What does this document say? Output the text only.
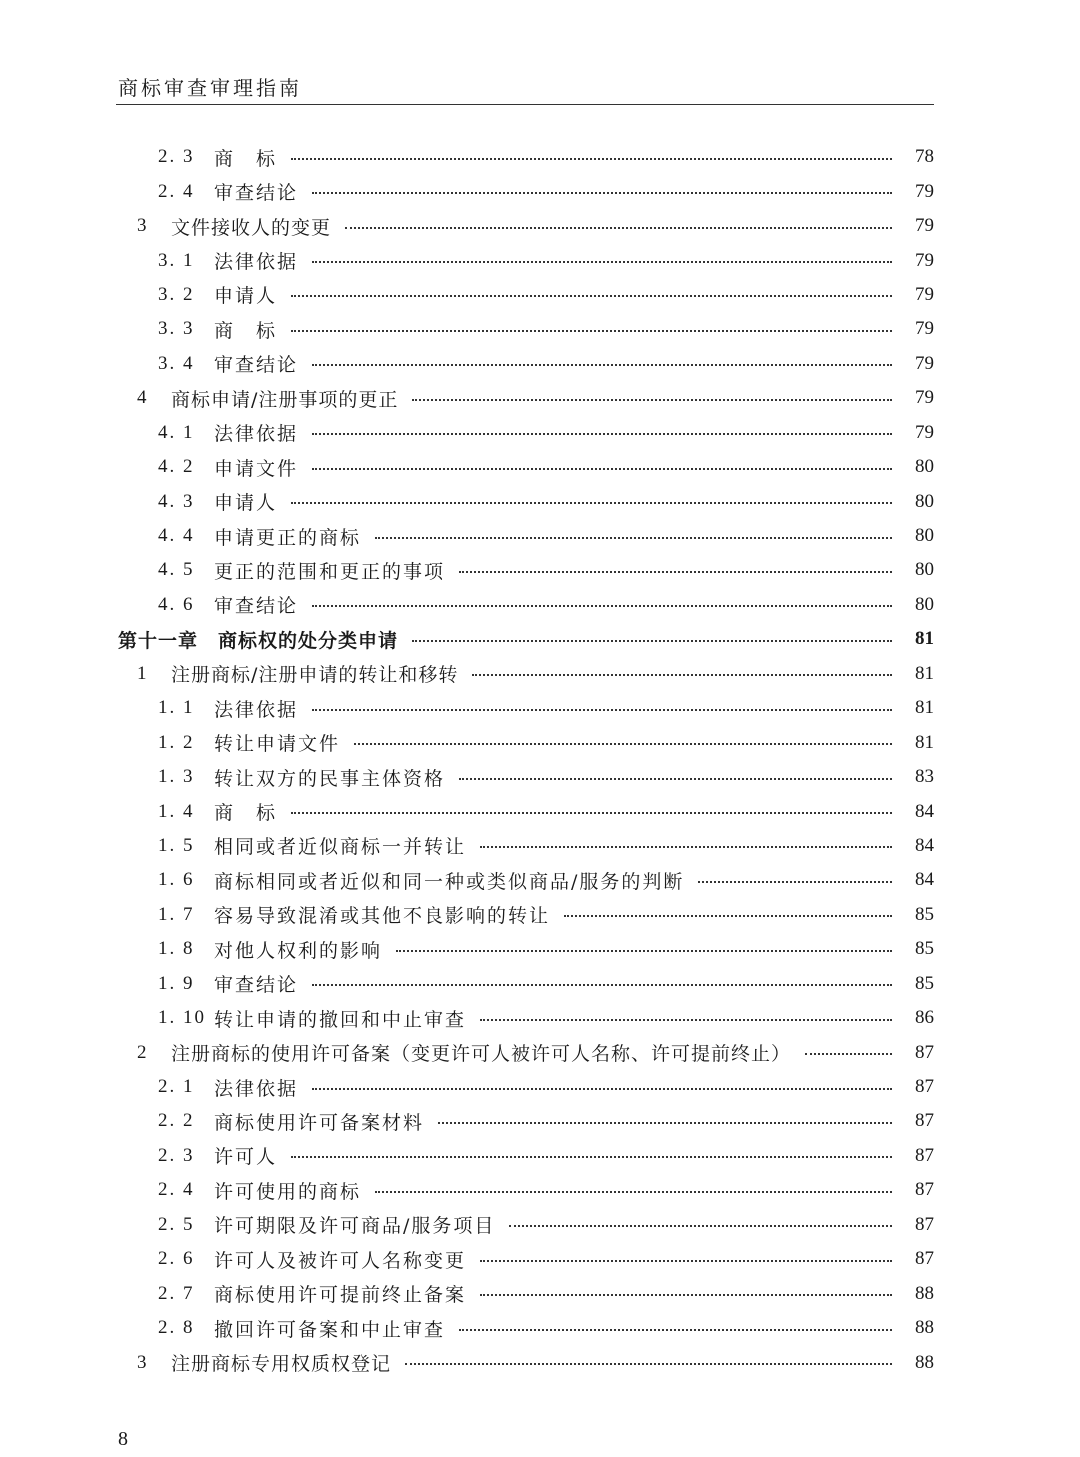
商标审查审理指南
2. 3	商　标	78
2. 4	审查结论	79
3	文件接收人的变更	79
3. 1	法律依据	79
3. 2	申请人	79
3. 3	商　标	79
3. 4	审查结论	79
4	商标申请/注册事项的更正	79
4. 1	法律依据	79
4. 2	申请文件	80
4. 3	申请人	80
4. 4	申请更正的商标	80
4. 5	更正的范围和更正的事项	80
4. 6	审查结论	80
第十一章　商标权的处分类申请	81
1	注册商标/注册申请的转让和移转	81
1. 1	法律依据	81
1. 2	转让申请文件	81
1. 3	转让双方的民事主体资格	83
1. 4	商　标	84
1. 5	相同或者近似商标一并转让	84
1. 6	商标相同或者近似和同一种或类似商品/服务的判断	84
1. 7	容易导致混淆或其他不良影响的转让	85
1. 8	对他人权利的影响	85
1. 9	审查结论	85
1. 10 转让申请的撤回和中止审查	86
2	注册商标的使用许可备案（变更许可人被许可人名称、许可提前终止）	87
2. 1	法律依据	87
2. 2	商标使用许可备案材料	87
2. 3	许可人	87
2. 4	许可使用的商标	87
2. 5	许可期限及许可商品/服务项目	87
2. 6	许可人及被许可人名称变更	87
2. 7	商标使用许可提前终止备案	88
2. 8	撤回许可备案和中止审查	88
3	注册商标专用权质权登记	88
8
